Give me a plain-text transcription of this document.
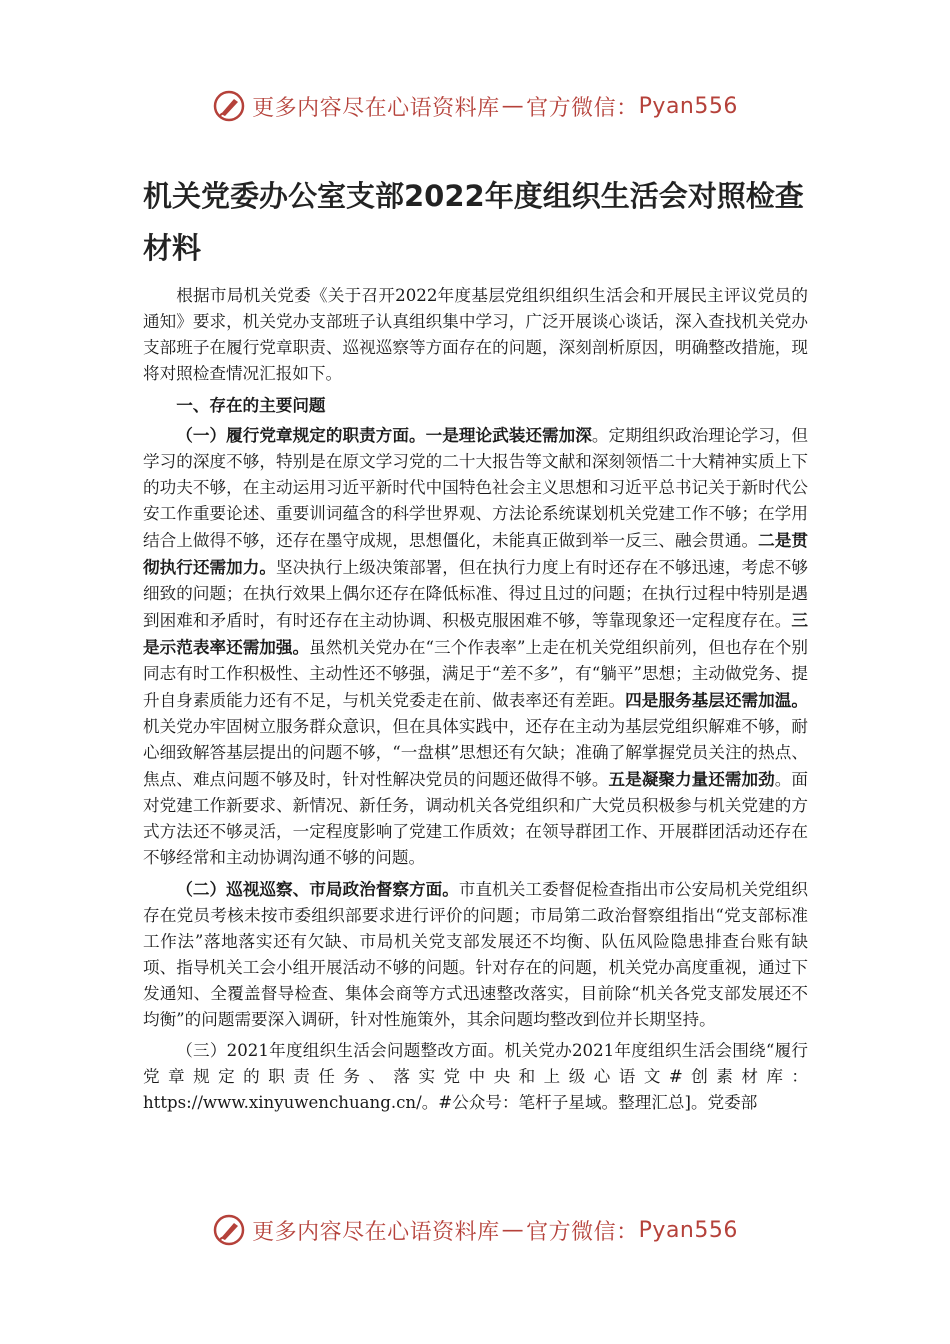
更多内容尽在心语资料库 — 官方微信： Pyan556
机关党委办公室支部2022年度组织生活会对照检查材料

根据市局机关党委《关于召开2022年度基层党组织组织生活会和开展民主评议党员的通知》要求，机关党办支部班子认真组织集中学习，广泛开展谈心谈话，深入查找机关党办支部班子在履行党章职责、巡视巡察等方面存在的问题，深刻剖析原因，明确整改措施，现将对照检查情况汇报如下。

一、存在的主要问题

（一）履行党章规定的职责方面。一是理论武装还需加深。定期组织政治理论学习，但学习的深度不够，特别是在原文学习党的二十大报告等文献和深刻领悟二十大精神实质上下的功夫不够，在主动运用习近平新时代中国特色社会主义思想和习近平总书记关于新时代公安工作重要论述、重要训词蕴含的科学世界观、方法论系统谋划机关党建工作不够；在学用结合上做得不够，还存在墨守成规，思想僵化，未能真正做到举一反三、融会贯通。二是贯彻执行还需加力。坚决执行上级决策部署，但在执行力度上有时还存在不够迅速，考虑不够细致的问题；在执行效果上偶尔还存在降低标准、得过且过的问题；在执行过程中特别是遇到困难和矛盾时，有时还存在主动协调、积极克服困难不够，等靠现象还一定程度存在。三是示范表率还需加强。虽然机关党办在“三个作表率”上走在机关党组织前列，但也存在个别同志有时工作积极性、主动性还不够强，满足于“差不多”，有“躺平”思想；主动做党务、提升自身素质能力还有不足，与机关党委走在前、做表率还有差距。四是服务基层还需加温。机关党办牢固树立服务群众意识，但在具体实践中，还存在主动为基层党组织解难不够，耐心细致解答基层提出的问题不够，“一盘棋”思想还有欠缺；准确了解掌握党员关注的热点、焦点、难点问题不够及时，针对性解决党员的问题还做得不够。五是凝聚力量还需加劲。面对党建工作新要求、新情况、新任务，调动机关各党组织和广大党员积极参与机关党建的方式方法还不够灵活，一定程度影响了党建工作质效；在领导群团工作、开展群团活动还存在不够经常和主动协调沟通不够的问题。

（二）巡视巡察、市局政治督察方面。市直机关工委督促检查指出市公安局机关党组织存在党员考核未按市委组织部要求进行评价的问题；市局第二政治督察组指出“党支部标准工作法”落地落实还有欠缺、市局机关党支部发展还不均衡、队伍风险隐患排查台账有缺项、指导机关工会小组开展活动不够的问题。针对存在的问题，机关党办高度重视，通过下发通知、全覆盖督导检查、集体会商等方式迅速整改落实，目前除“机关各党支部发展还不均衡”的问题需要深入调研，针对性施策外，其余问题均整改到位并长期坚持。

（三）2021年度组织生活会问题整改方面。机关党办2021年度组织生活会围绕“履行党章规定的职责任务、落实党中央和上级心语文#创素材库：https://www.xinyuwenchuang.cn/。#公众号：笔杆子星域。整理汇总]。党委部

更多内容尽在心语资料库 — 官方微信： Pyan556
